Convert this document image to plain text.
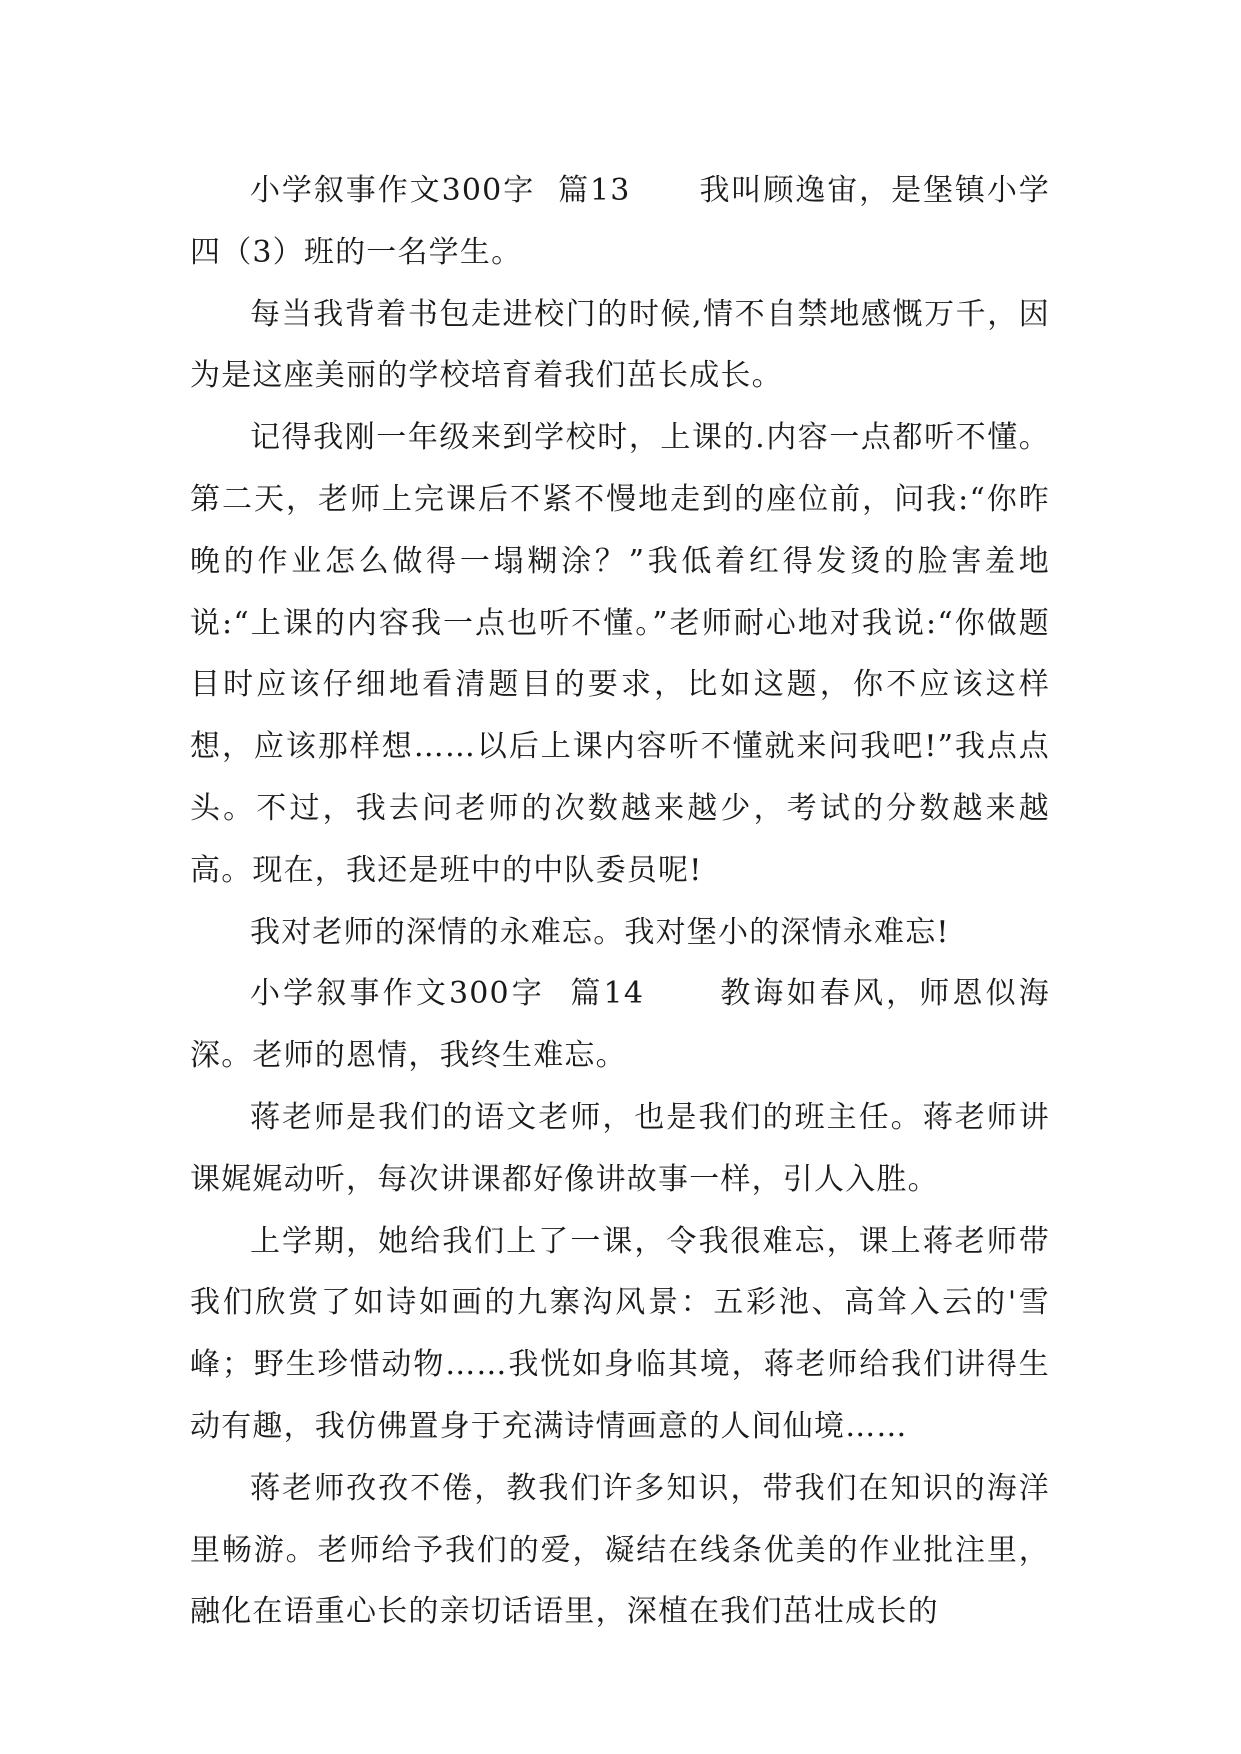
小学叙事作文300字  篇13 我叫顾逸宙，是堡镇小学四（3）班的一名学生。

每当我背着书包走进校门的时候,情不自禁地感慨万千，因为是这座美丽的学校培育着我们茁长成长。

记得我刚一年级来到学校时，上课的.内容一点都听不懂。第二天，老师上完课后不紧不慢地走到的座位前，问我:“你昨晚的作业怎么做得一塌糊涂？”我低着红得发烫的脸害羞地说:“上课的内容我一点也听不懂。”老师耐心地对我说:“你做题目时应该仔细地看清题目的要求，比如这题，你不应该这样想，应该那样想……以后上课内容听不懂就来问我吧!”我点点头。不过，我去问老师的次数越来越少，考试的分数越来越高。现在，我还是班中的中队委员呢!

我对老师的深情的永难忘。我对堡小的深情永难忘!

小学叙事作文300字  篇14	教诲如春风，师恩似海深。老师的恩情，我终生难忘。

蒋老师是我们的语文老师，也是我们的班主任。蒋老师讲课娓娓动听，每次讲课都好像讲故事一样，引人入胜。

上学期，她给我们上了一课，令我很难忘，课上蒋老师带我们欣赏了如诗如画的九寨沟风景：五彩池、高耸入云的'雪峰；野生珍惜动物……我恍如身临其境，蒋老师给我们讲得生动有趣，我仿佛置身于充满诗情画意的人间仙境……

蒋老师孜孜不倦，教我们许多知识，带我们在知识的海洋里畅游。老师给予我们的爱，凝结在线条优美的作业批注里，融化在语重心长的亲切话语里，深植在我们茁壮成长的
